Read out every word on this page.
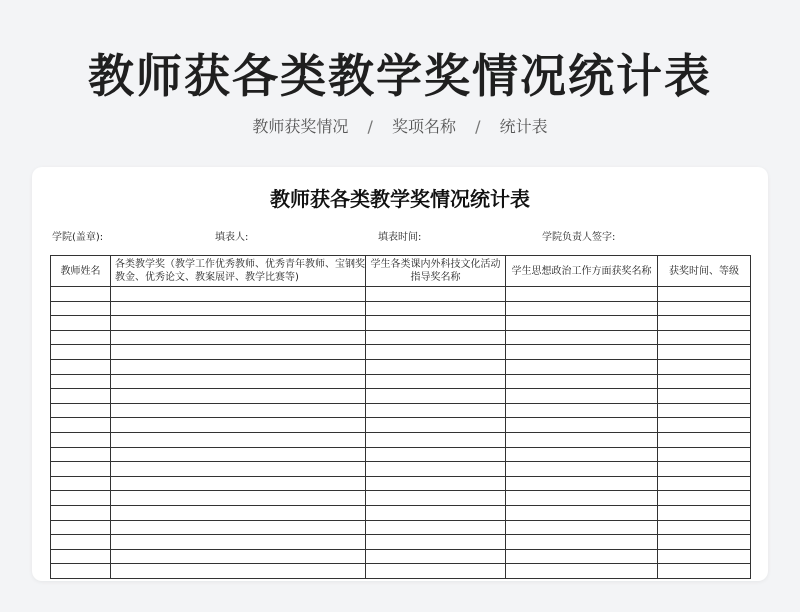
教师获各类教学奖情况统计表
教师获奖情况 / 奖项名称 / 统计表
教师获各类教学奖情况统计表
学院(盖章):	填表人:	填表时间:	学院负责人签字:
教师姓名	各类教学奖（教学工作优秀教师、优秀青年教师、宝钢奖教金、优秀论文、教案展评、教学比赛等)	学生各类课内外科技文化活动指导奖名称	学生思想政治工作方面获奖名称	获奖时间、等级
